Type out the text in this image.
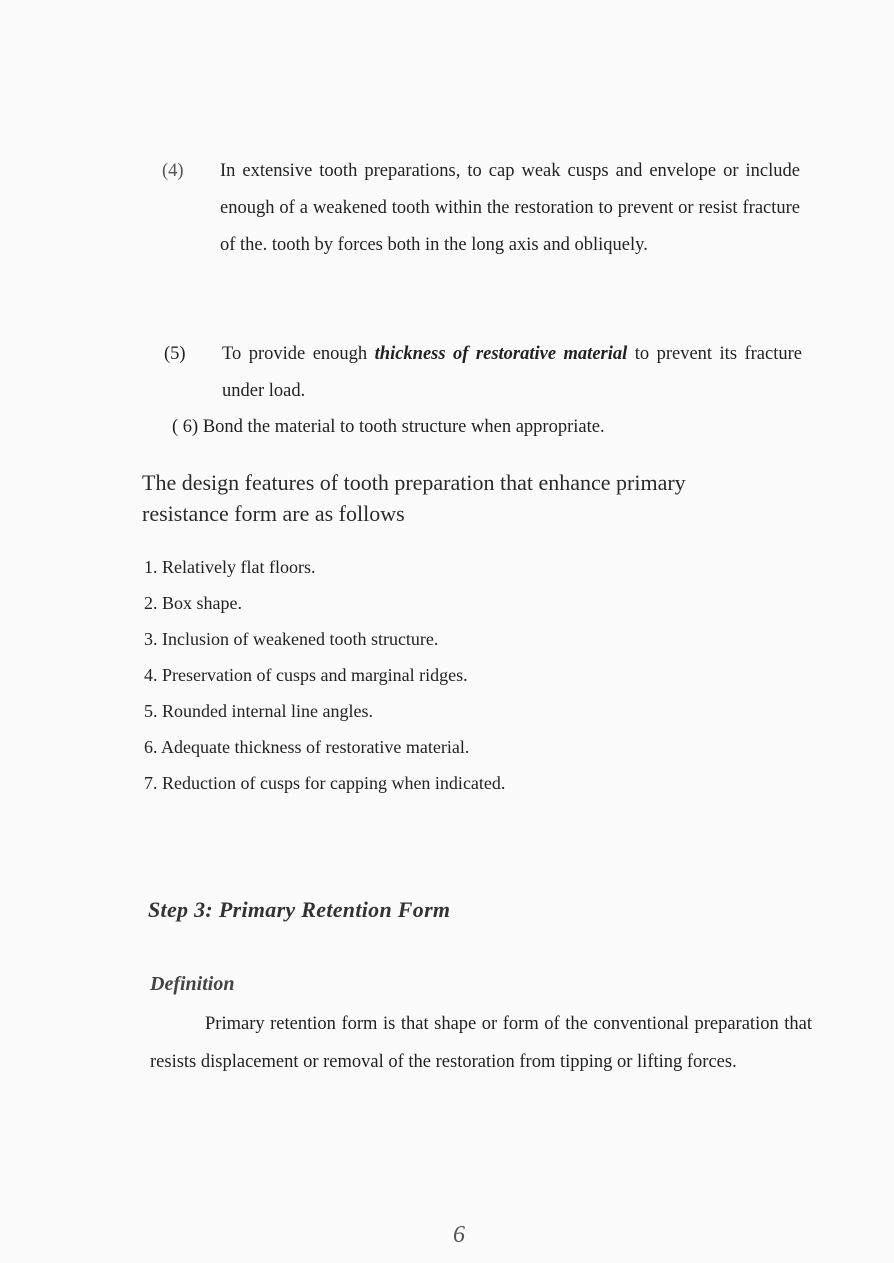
(4) In extensive tooth preparations, to cap weak cusps and envelope or include enough of a weakened tooth within the restoration to prevent or resist fracture of the. tooth by forces both in the long axis and obliquely.
(5) To provide enough thickness of restorative material to prevent its fracture under load.
( 6) Bond the material to tooth structure when appropriate.
The design features of tooth preparation that enhance primary resistance form are as follows
1. Relatively flat floors.
2. Box shape.
3. Inclusion of weakened tooth structure.
4. Preservation of cusps and marginal ridges.
5. Rounded internal line angles.
6. Adequate thickness of restorative material.
7. Reduction of cusps for capping when indicated.
Step 3: Primary Retention Form
Definition
Primary retention form is that shape or form of the conventional preparation that resists displacement or removal of the restoration from tipping or lifting forces.
6
